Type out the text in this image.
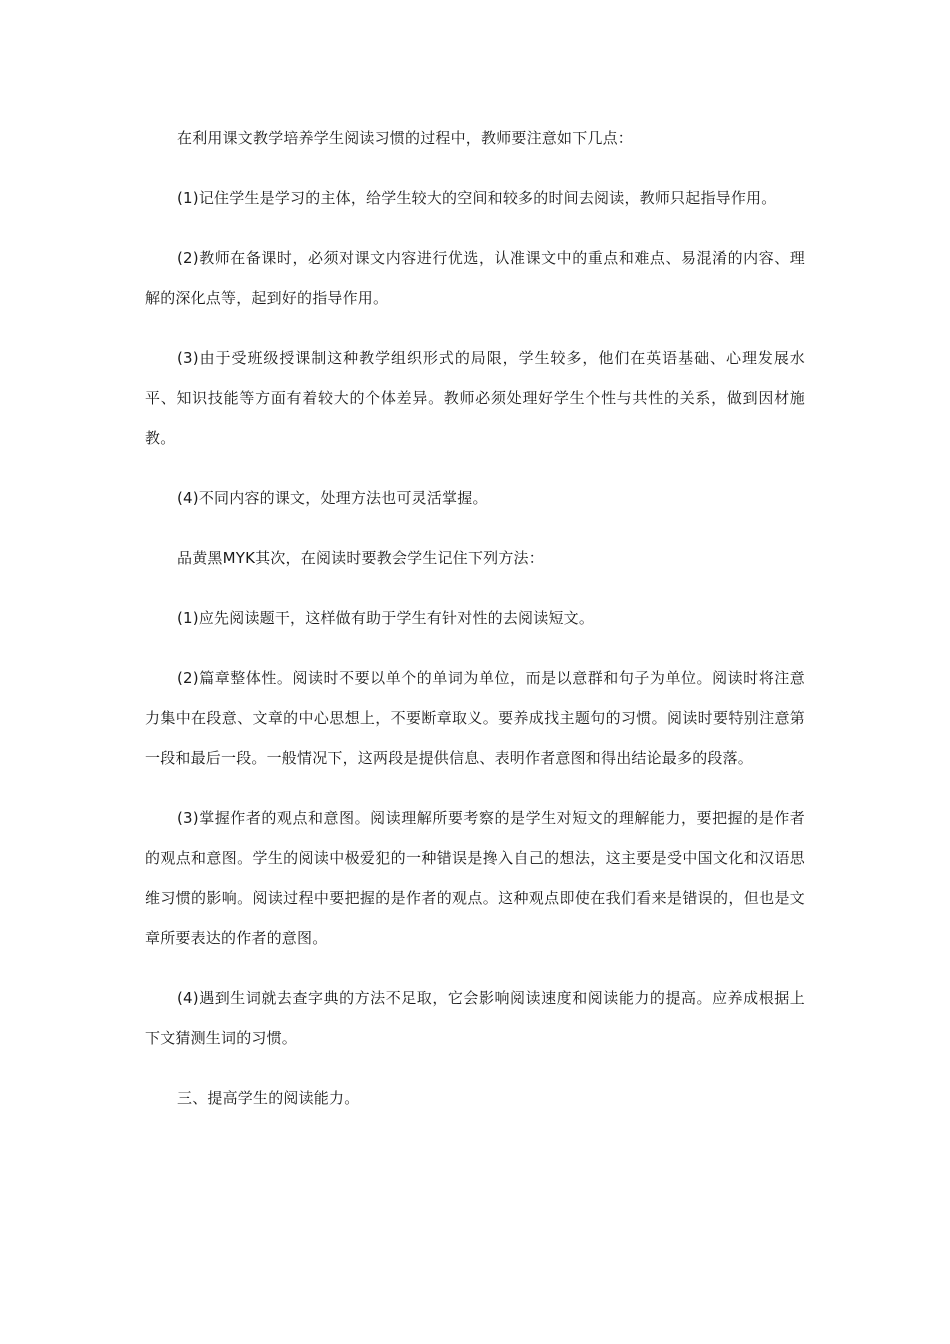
在利用课文教学培养学生阅读习惯的过程中，教师要注意如下几点：

(1)记住学生是学习的主体，给学生较大的空间和较多的时间去阅读，教师只起指导作用。

(2)教师在备课时，必须对课文内容进行优选，认准课文中的重点和难点、易混淆的内容、理解的深化点等，起到好的指导作用。

(3)由于受班级授课制这种教学组织形式的局限，学生较多，他们在英语基础、心理发展水平、知识技能等方面有着较大的个体差异。教师必须处理好学生个性与共性的关系，做到因材施教。

(4)不同内容的课文，处理方法也可灵活掌握。

品黄黑MYK其次，在阅读时要教会学生记住下列方法：

(1)应先阅读题干，这样做有助于学生有针对性的去阅读短文。

(2)篇章整体性。阅读时不要以单个的单词为单位，而是以意群和句子为单位。阅读时将注意力集中在段意、文章的中心思想上，不要断章取义。要养成找主题句的习惯。阅读时要特别注意第一段和最后一段。一般情况下，这两段是提供信息、表明作者意图和得出结论最多的段落。

(3)掌握作者的观点和意图。阅读理解所要考察的是学生对短文的理解能力，要把握的是作者的观点和意图。学生的阅读中极爱犯的一种错误是搀入自己的想法，这主要是受中国文化和汉语思维习惯的影响。阅读过程中要把握的是作者的观点。这种观点即使在我们看来是错误的，但也是文章所要表达的作者的意图。

(4)遇到生词就去查字典的方法不足取，它会影响阅读速度和阅读能力的提高。应养成根据上下文猜测生词的习惯。

三、提高学生的阅读能力。
